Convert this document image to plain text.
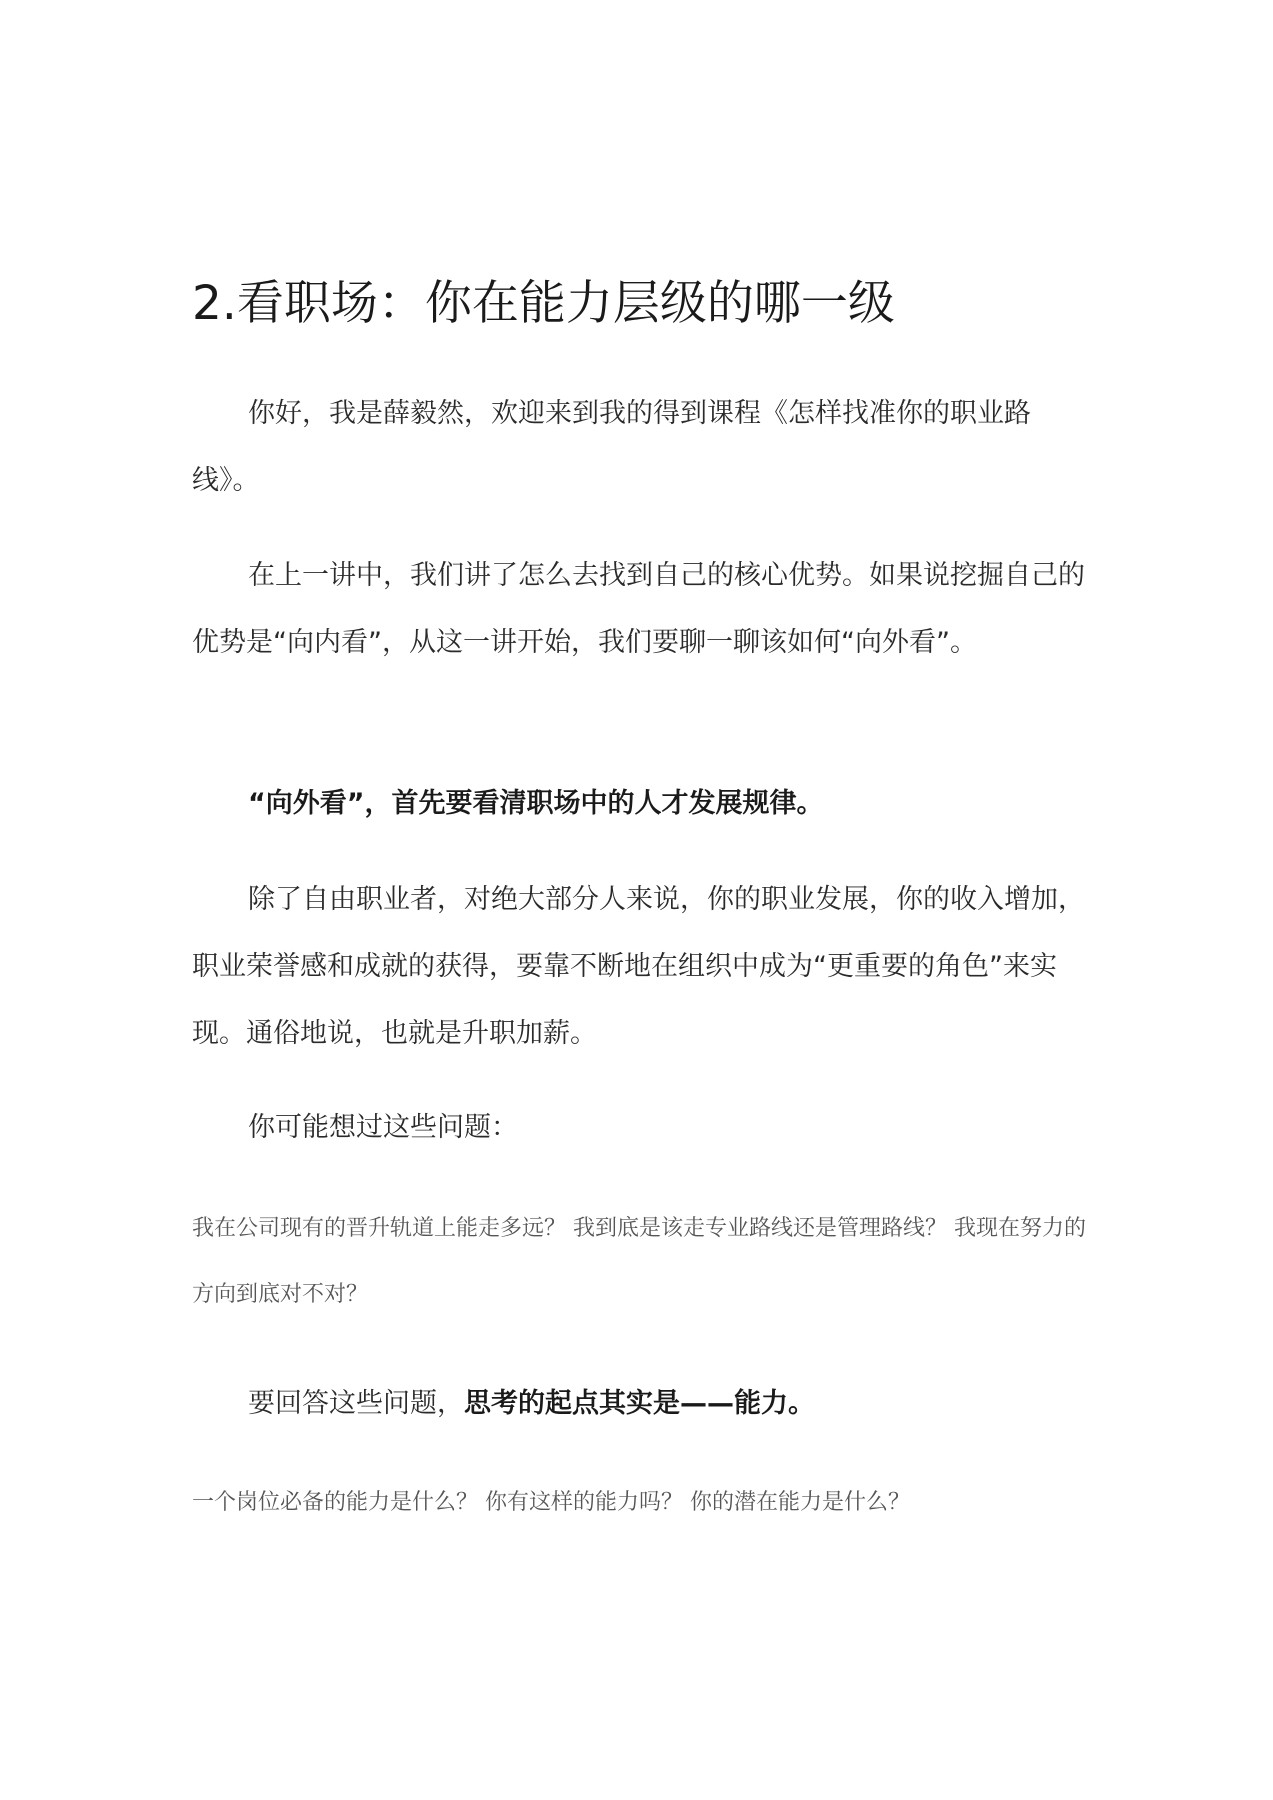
2.看职场：你在能力层级的哪一级

你好，我是薛毅然，欢迎来到我的得到课程《怎样找准你的职业路线》。

在上一讲中，我们讲了怎么去找到自己的核心优势。如果说挖掘自己的优势是“向内看”，从这一讲开始，我们要聊一聊该如何“向外看”。

“向外看”，首先要看清职场中的人才发展规律。

除了自由职业者，对绝大部分人来说，你的职业发展，你的收入增加，职业荣誉感和成就的获得，要靠不断地在组织中成为“更重要的角色”来实现。通俗地说，也就是升职加薪。

你可能想过这些问题：

我在公司现有的晋升轨道上能走多远？ 我到底是该走专业路线还是管理路线？ 我现在努力的方向到底对不对？

要回答这些问题，思考的起点其实是——能力。

一个岗位必备的能力是什么？ 你有这样的能力吗？ 你的潜在能力是什么？
